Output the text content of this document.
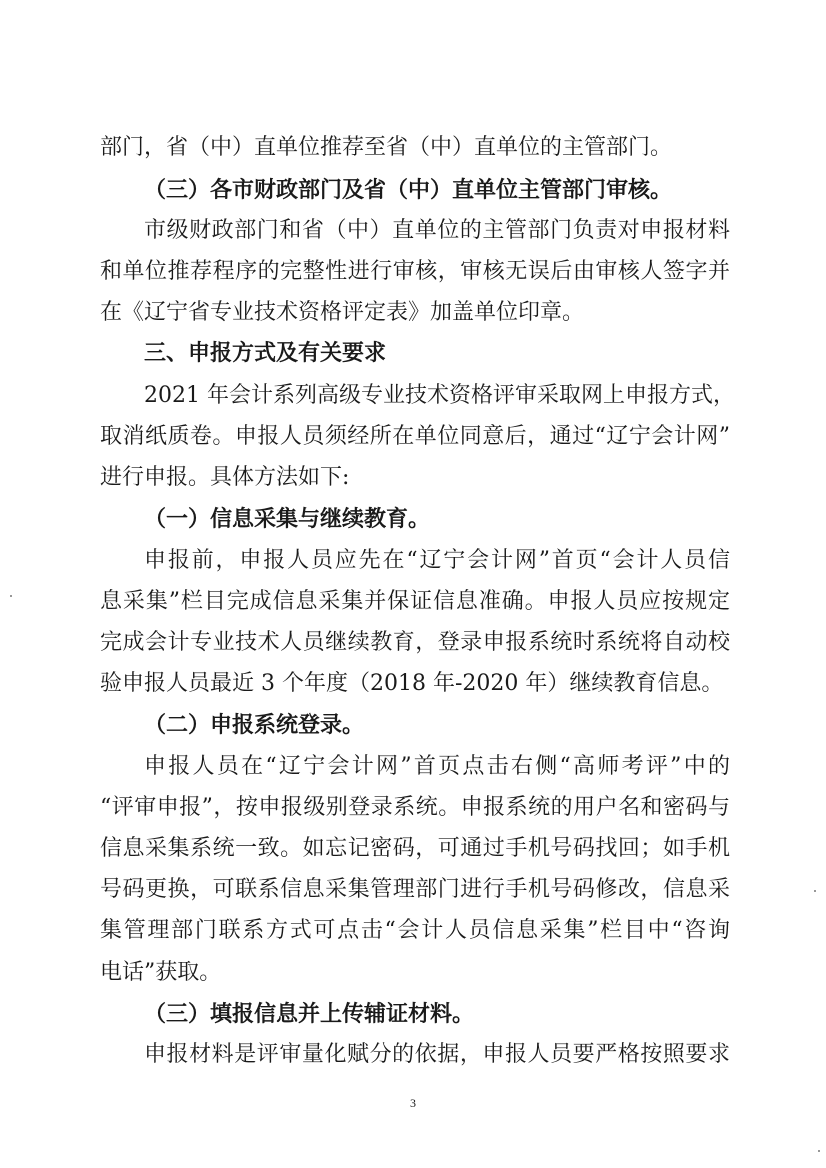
部门，省（中）直单位推荐至省（中）直单位的主管部门。
（三）各市财政部门及省（中）直单位主管部门审核。
市级财政部门和省（中）直单位的主管部门负责对申报材料
和单位推荐程序的完整性进行审核，审核无误后由审核人签字并
在《辽宁省专业技术资格评定表》加盖单位印章。
三、申报方式及有关要求
2021 年会计系列高级专业技术资格评审采取网上申报方式，
取消纸质卷。申报人员须经所在单位同意后，通过“辽宁会计网”
进行申报。具体方法如下:
（一）信息采集与继续教育。
申报前，申报人员应先在“辽宁会计网”首页“会计人员信
息采集”栏目完成信息采集并保证信息准确。申报人员应按规定
完成会计专业技术人员继续教育，登录申报系统时系统将自动校
验申报人员最近 3 个年度（2018 年-2020 年）继续教育信息。
（二）申报系统登录。
申报人员在“辽宁会计网”首页点击右侧“高师考评”中的
“评审申报”，按申报级别登录系统。申报系统的用户名和密码与
信息采集系统一致。如忘记密码，可通过手机号码找回；如手机
号码更换，可联系信息采集管理部门进行手机号码修改，信息采
集管理部门联系方式可点击“会计人员信息采集”栏目中“咨询
电话”获取。
（三）填报信息并上传辅证材料。
申报材料是评审量化赋分的依据，申报人员要严格按照要求
3
